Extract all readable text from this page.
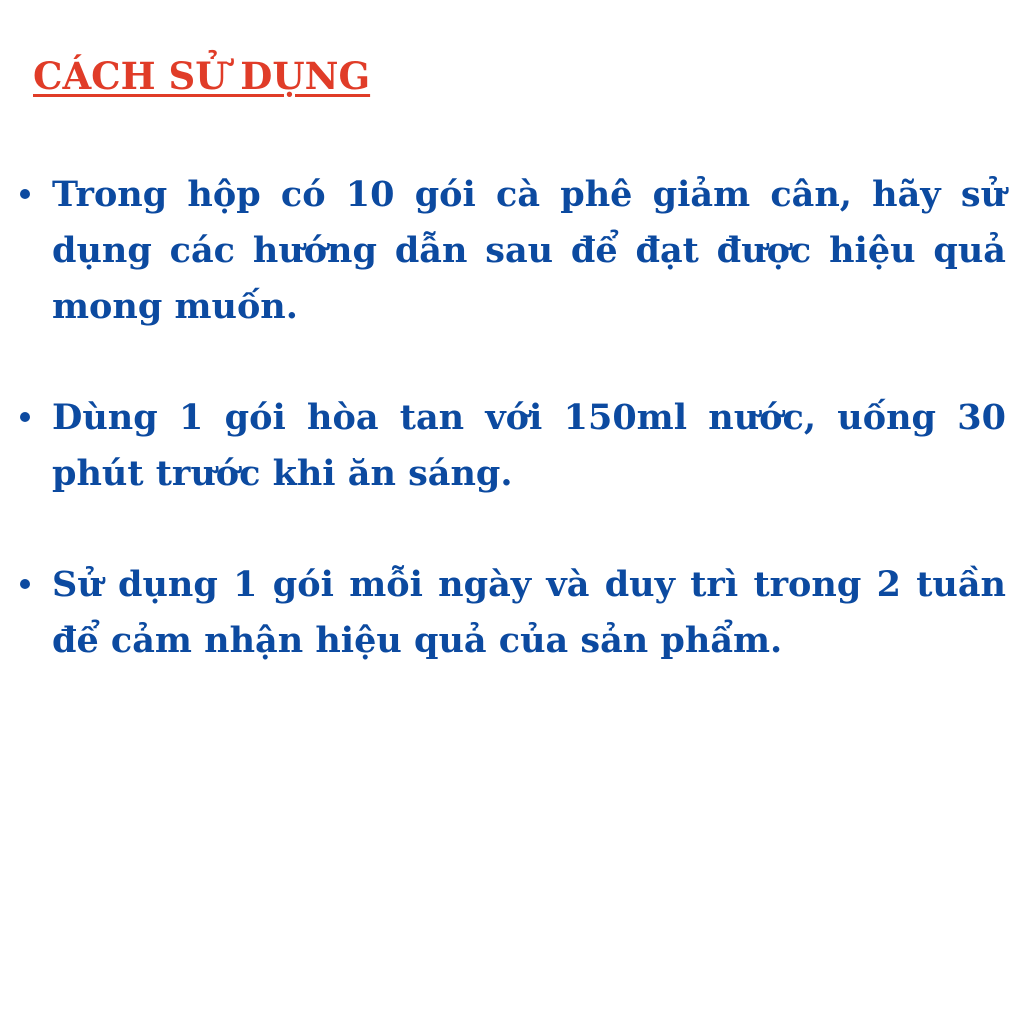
CÁCH SỬ DỤNG
Trong hộp có 10 gói cà phê giảm cân, hãy sử dụng các hướng dẫn sau để đạt được hiệu quả mong muốn.
Dùng 1 gói hòa tan với 150ml nước, uống 30 phút trước khi ăn sáng.
Sử dụng 1 gói mỗi ngày và duy trì trong 2 tuần để cảm nhận hiệu quả của sản phẩm.
